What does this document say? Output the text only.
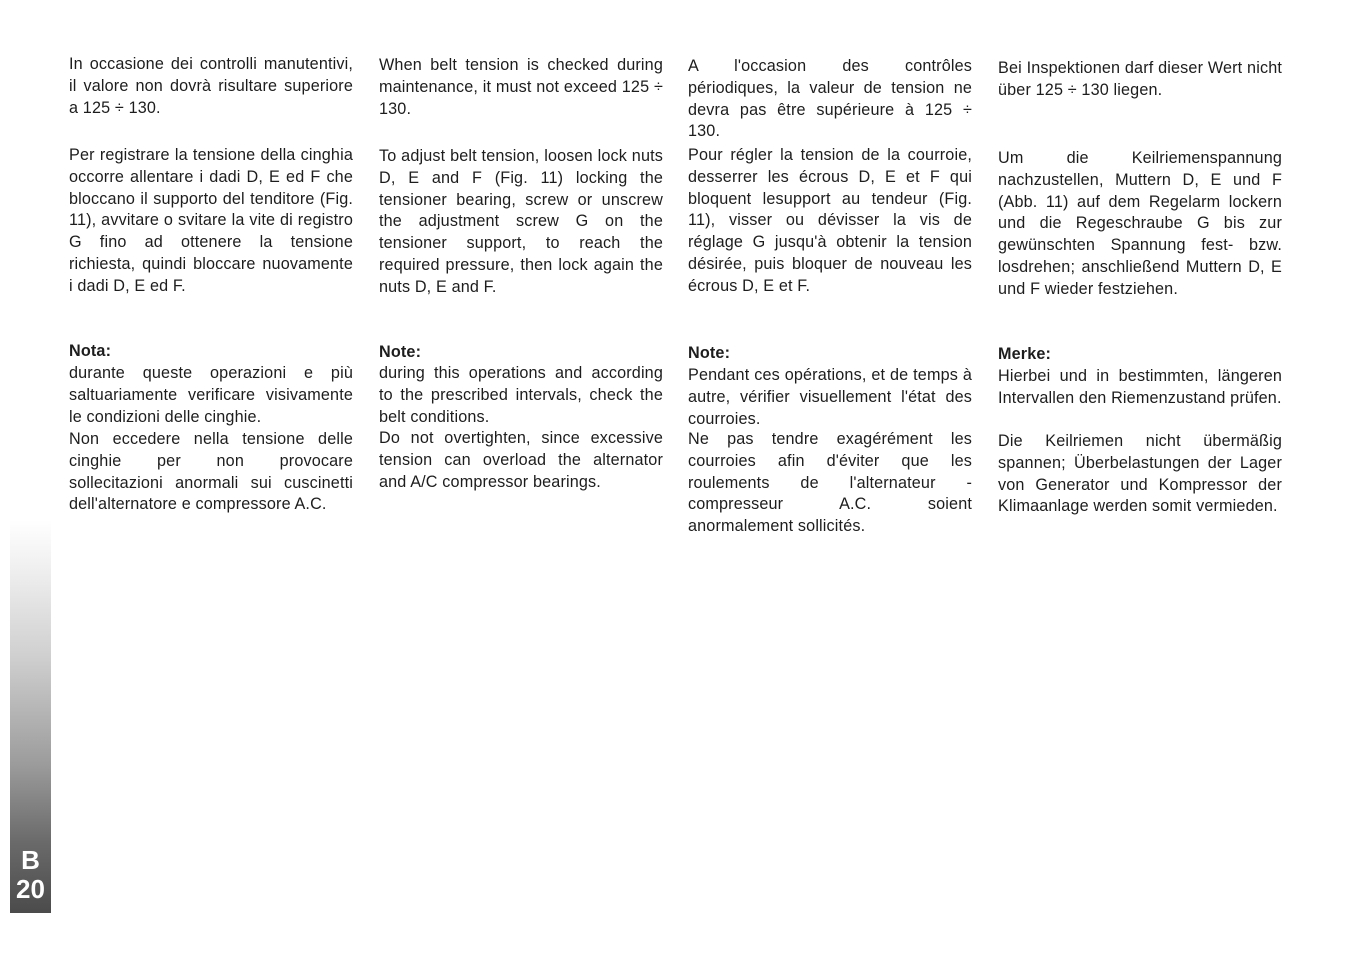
In occasione dei controlli manutentivi, il valore non dovrà risultare superiore a 125 ÷ 130.

Per registrare la tensione della cinghia occorre allentare i dadi D, E ed F che bloccano il supporto del tenditore (Fig. 11), avvitare o svitare la vite di registro G fino ad ottenere la tensione richiesta, quindi bloccare nuovamente i dadi D, E ed F.

Nota:

durante queste operazioni e più saltuariamente verificare visivamente le condizioni delle cinghie.

Non eccedere nella tensione delle cinghie per non provocare sollecitazioni anormali sui cuscinetti dell'alternatore e compressore A.C.

When belt tension is checked during maintenance, it must not exceed 125 ÷ 130.

To adjust belt tension, loosen lock nuts D, E and F (Fig. 11) locking the tensioner bearing, screw or unscrew the adjustment screw G on the tensioner support, to reach the required pressure, then lock again the nuts D, E and F.

Note:

during this operations and according to the prescribed intervals, check the belt conditions.

Do not overtighten, since excessive tension can overload the alternator and A/C compressor bearings.

A l'occasion des contrôles périodiques, la valeur de tension ne devra pas être supérieure à 125 ÷ 130.

Pour régler la tension de la courroie, desserrer les écrous D, E et F qui bloquent lesupport au tendeur (Fig. 11), visser ou dévisser la vis de réglage G jusqu'à obtenir la tension désirée, puis bloquer de nouveau les écrous D, E et F.

Note:

Pendant ces opérations, et de temps à autre, vérifier visuellement l'état des courroies.

Ne pas tendre exagérément les courroies afin d'éviter que les roulements de l'alternateur - compresseur A.C. soient anormalement sollicités.

Bei Inspektionen darf dieser Wert nicht über 125 ÷ 130 liegen.

Um die Keilriemenspannung nachzustellen, Muttern D, E und F (Abb. 11) auf dem Regelarm lockern und die Regeschraube G bis zur gewünschten Spannung fest- bzw. losdrehen; anschließend Muttern D, E und F wieder festziehen.

Merke:

Hierbei und in bestimmten, längeren Intervallen den Riemenzustand prüfen.

Die Keilriemen nicht übermäßig spannen; Überbelastungen der Lager von Generator und Kompressor der Klimaanlage werden somit vermieden.

B
20
